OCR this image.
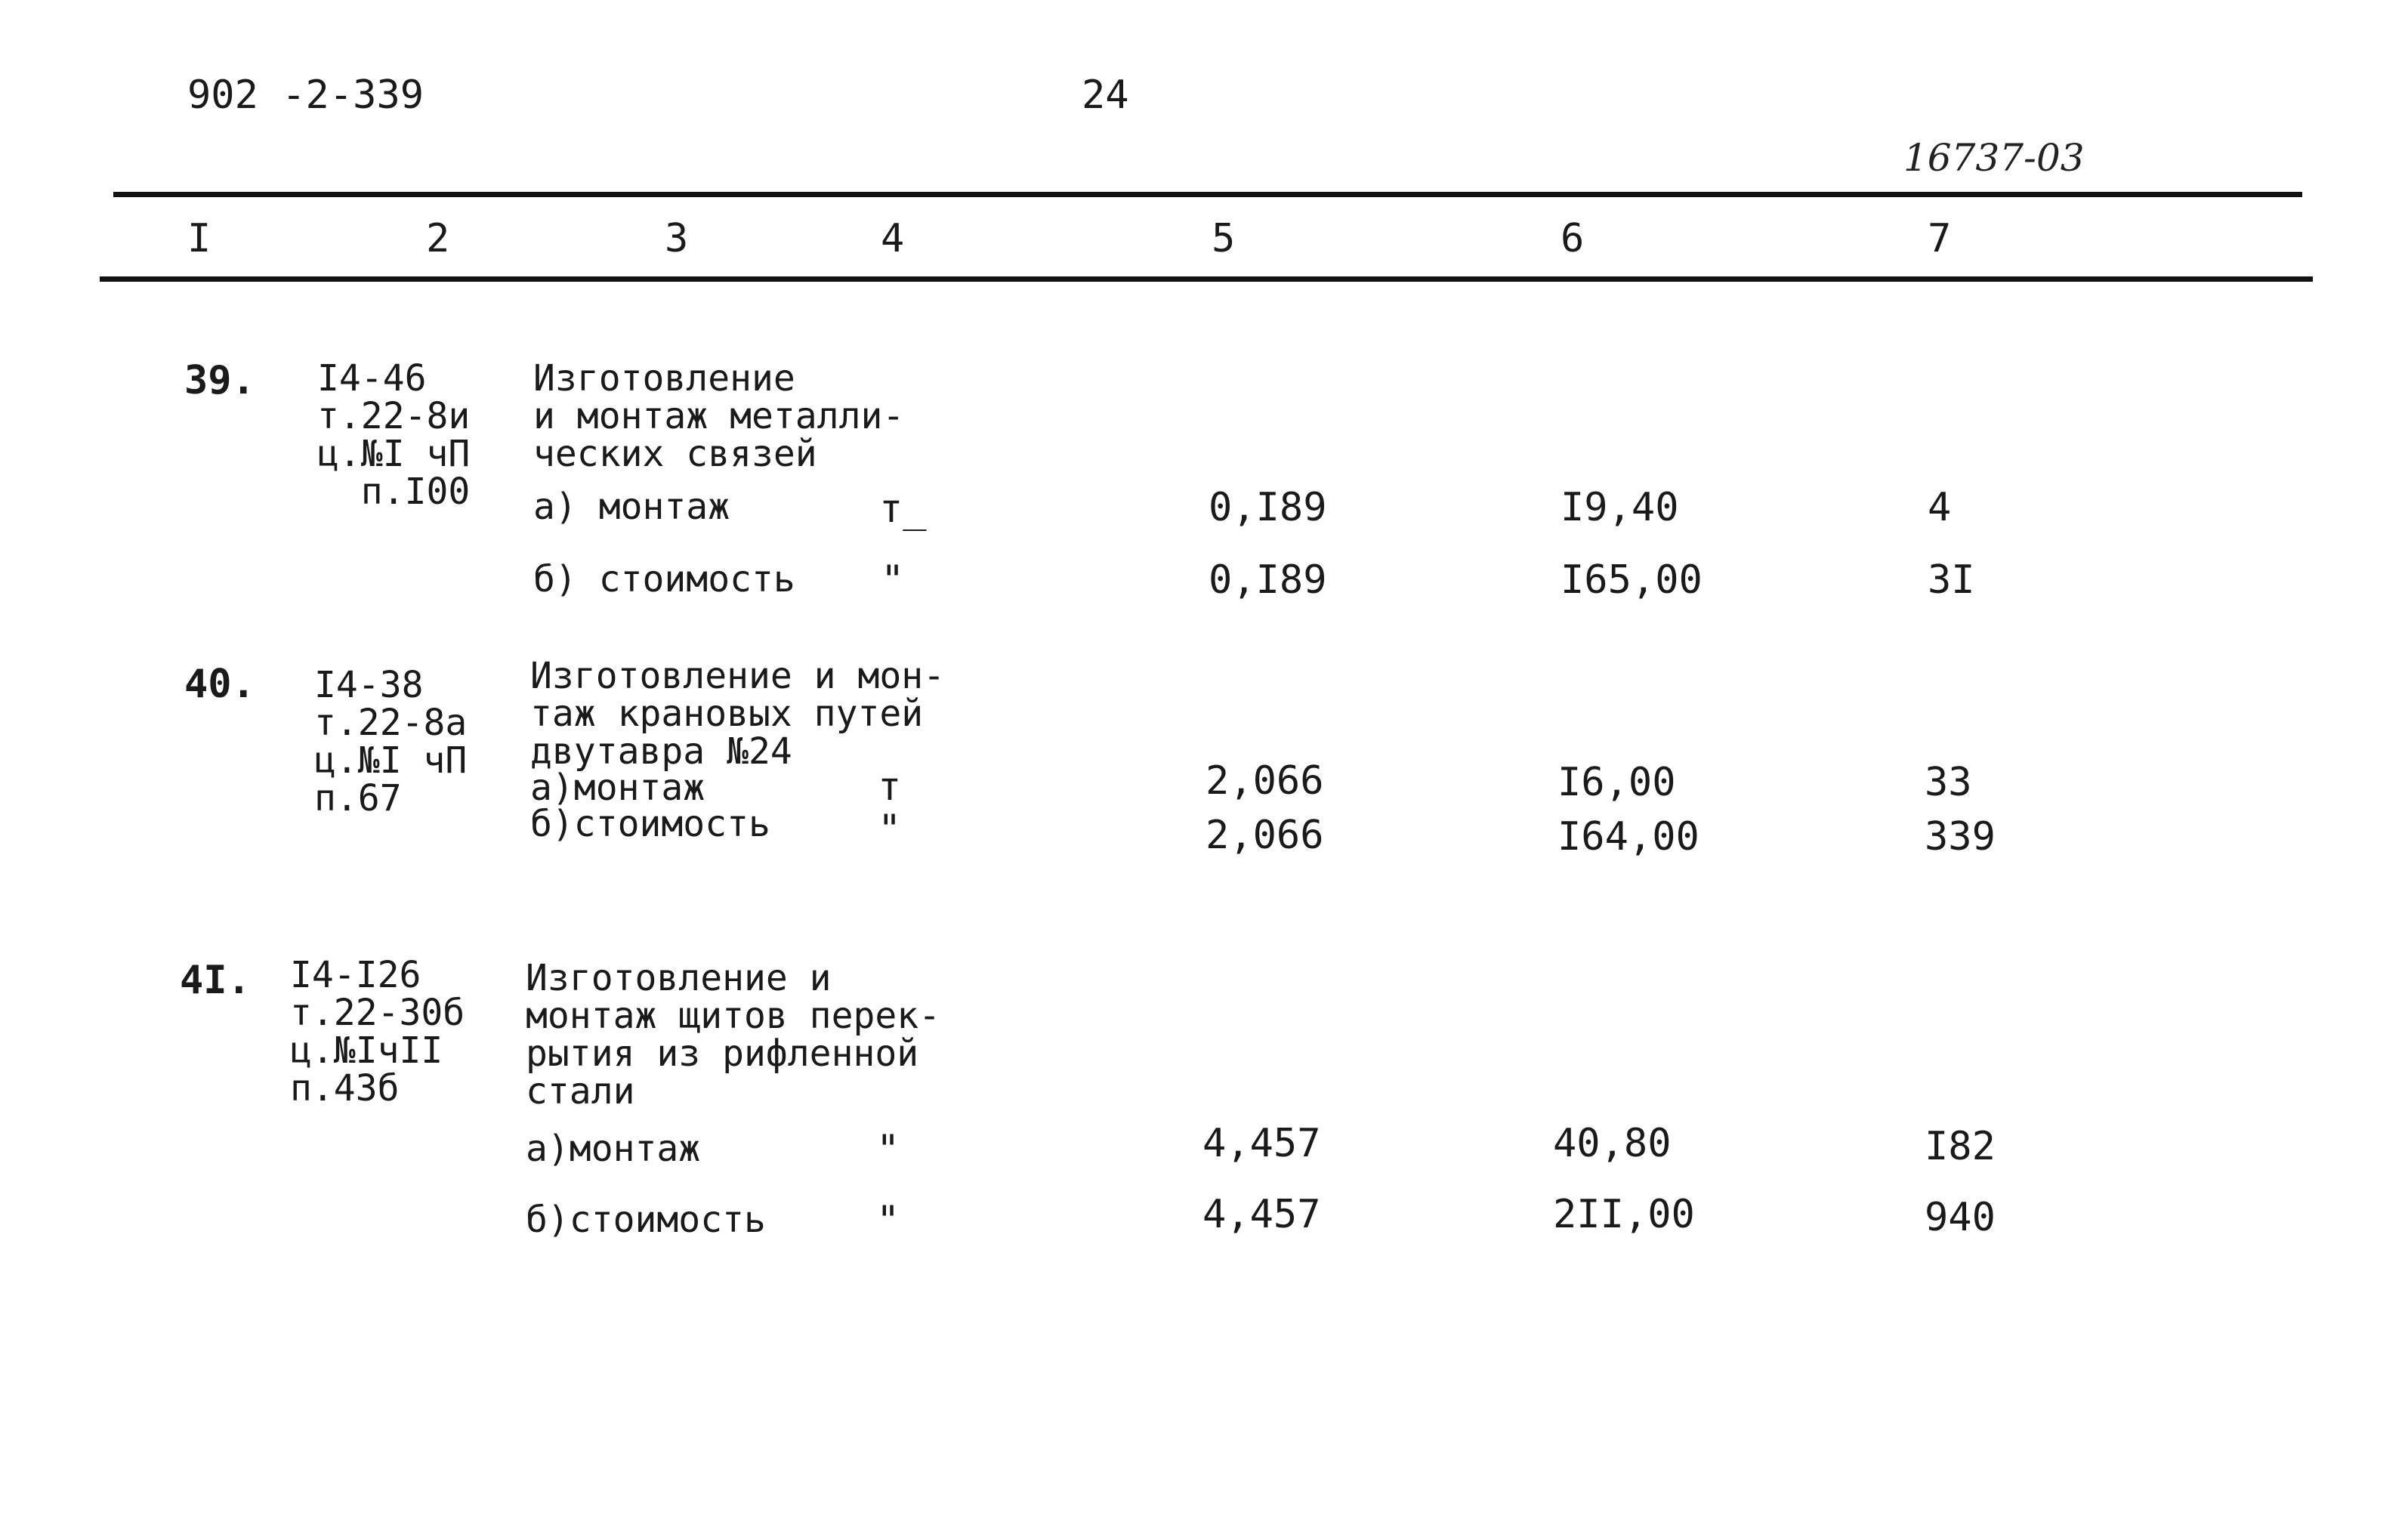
902 -2-339	24
16737-03
I	2	3	4	5	6	7
39. I4-46
т.22-8и
ц.№I чП
п.I00
Изготовление
и монтаж металли-
ческих связей
а) монтаж	т_	0,I89	I9,40	4
б) стоимость "	0,I89	I65,00	3I
40. I4-38
т.22-8а
ц.№I чП
п.67
Изготовление и мон-
таж крановых путей
двутавра №24
а)монтаж	т	2,066	I6,00	33
б)стоимость	"	2,066	I64,00	339
4I. I4-I26
т.22-30б
ц.№IчII
п.43б
Изготовление и
монтаж щитов перек-
рытия из рифленной
стали
а)монтаж	"	4,457	40,80	I82
б)стоимость	"	4,457	2II,00	940
